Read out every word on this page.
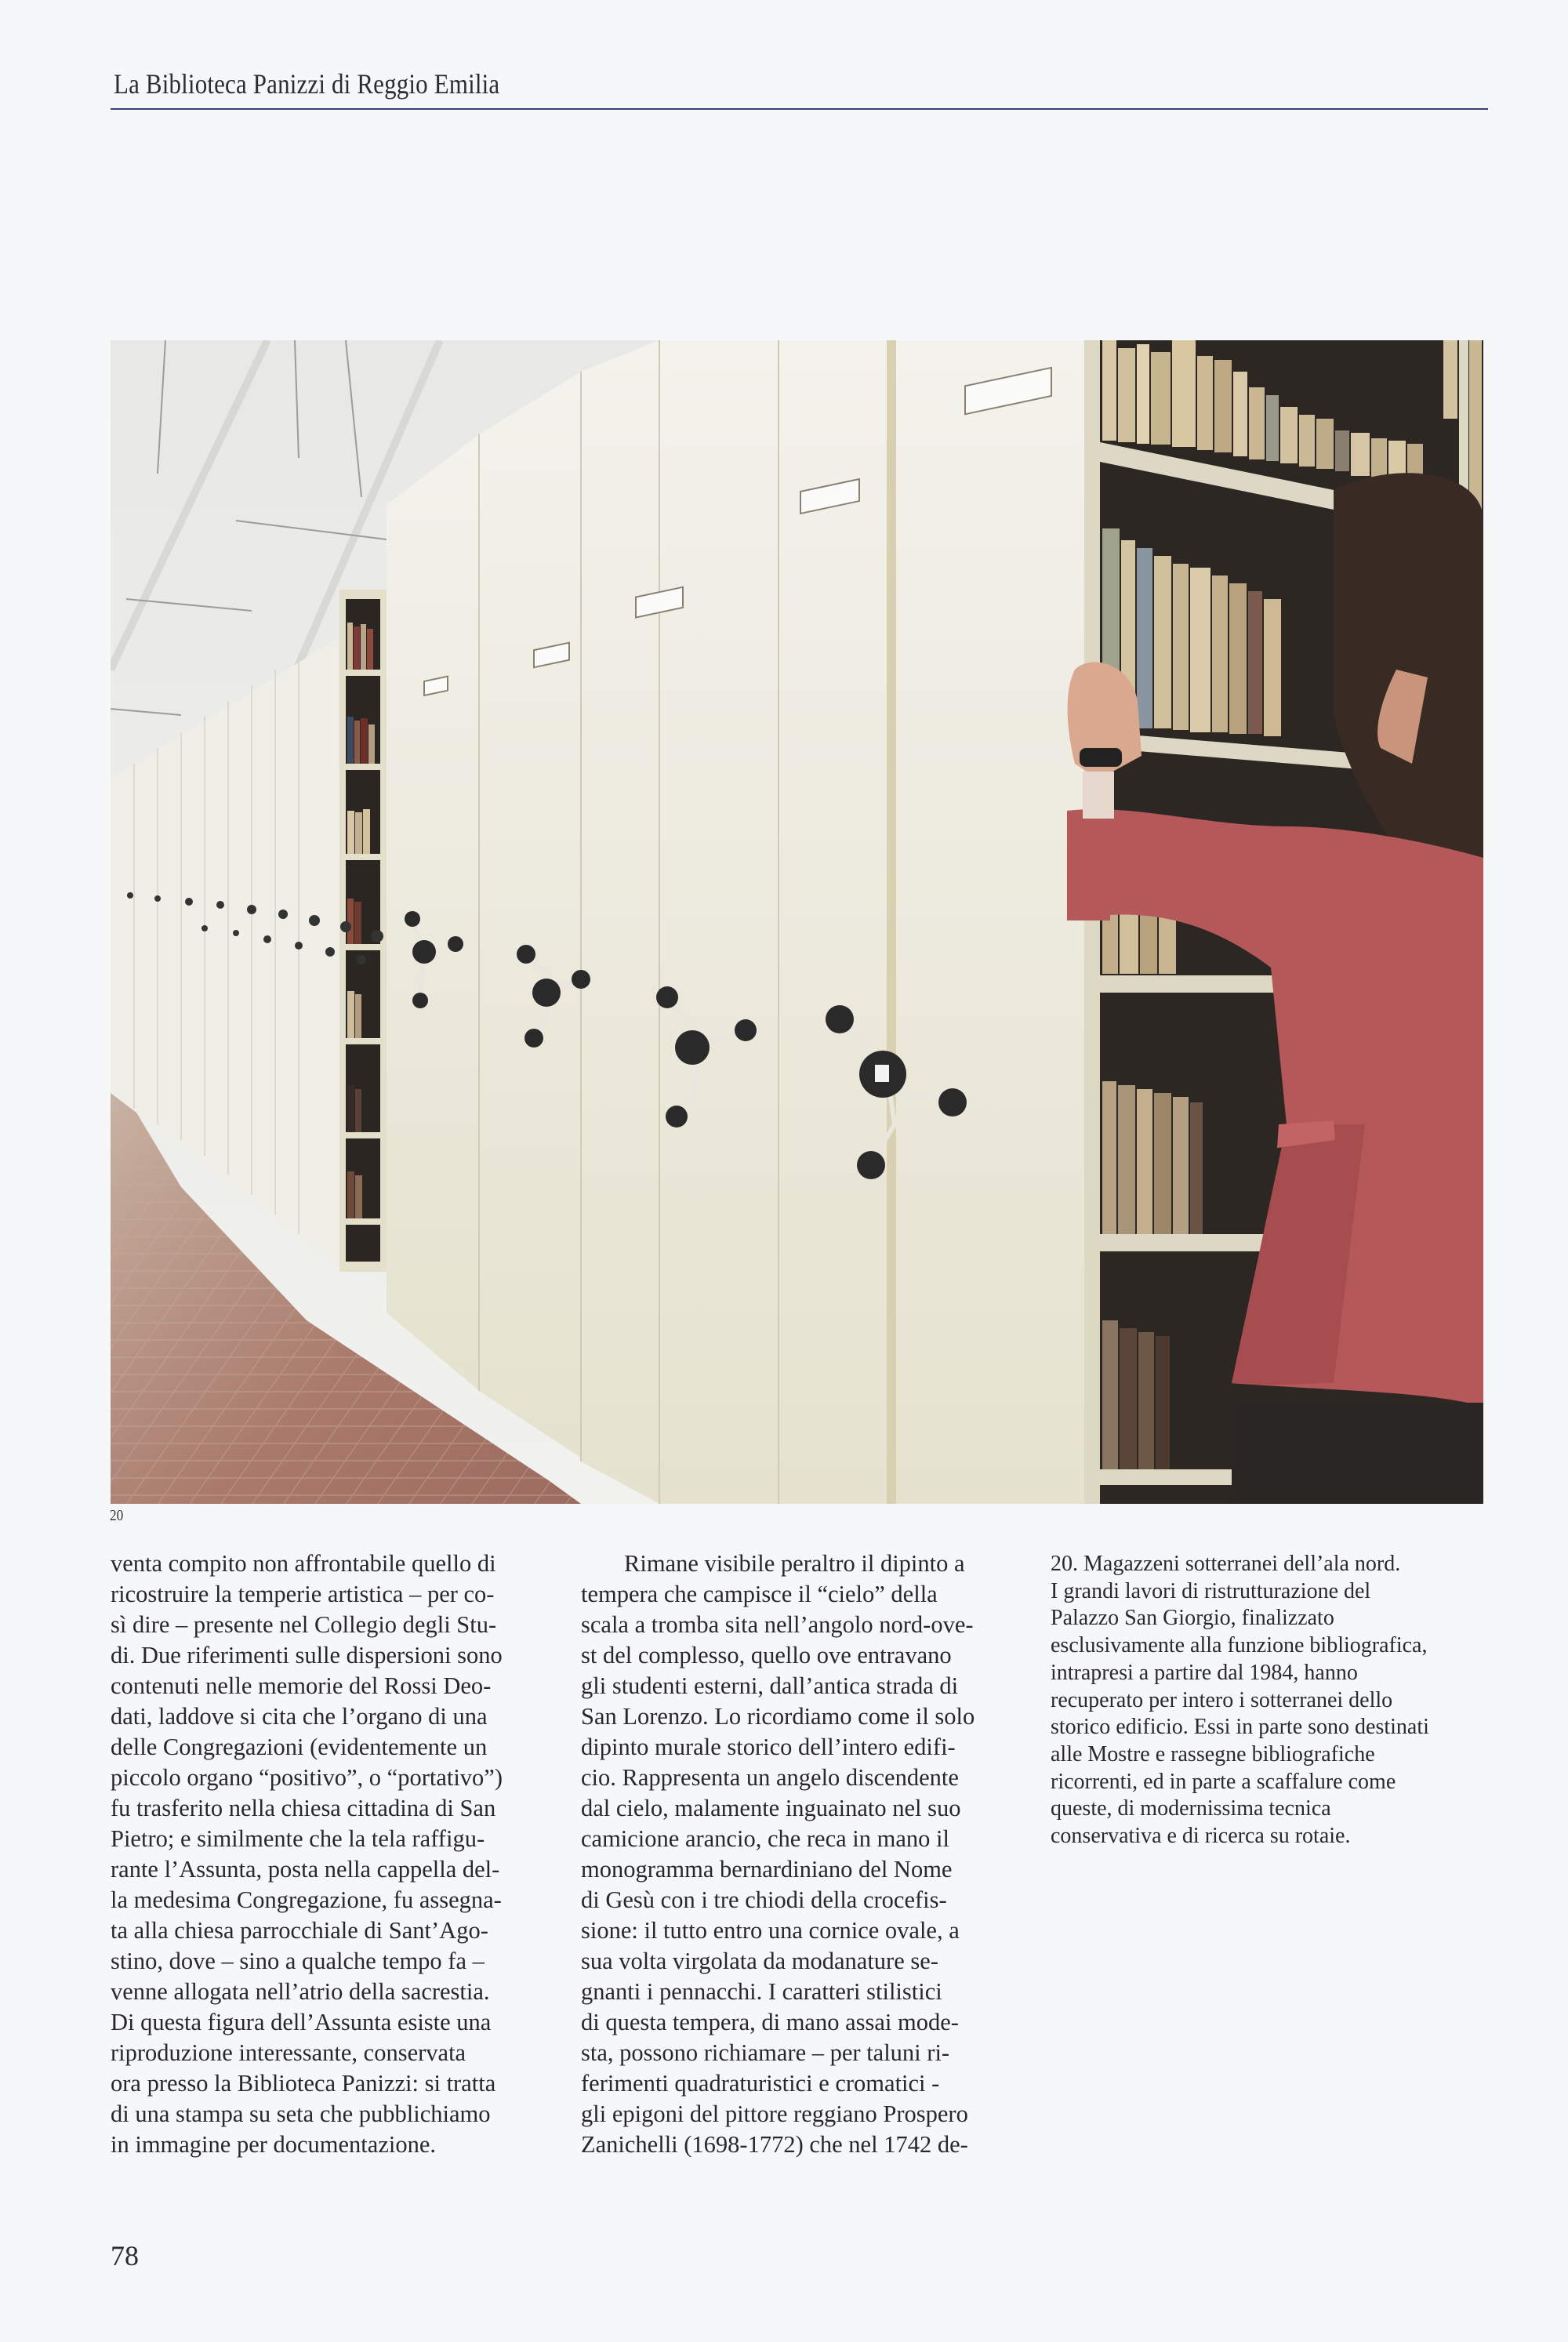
La Biblioteca Panizzi di Reggio Emilia
20
venta compito non affrontabile quello di
ricostruire la temperie artistica – per co-
sì dire – presente nel Collegio degli Stu-
di. Due riferimenti sulle dispersioni sono
contenuti nelle memorie del Rossi Deo-
dati, laddove si cita che l’organo di una
delle Congregazioni (evidentemente un
piccolo organo “positivo”, o “portativo”)
fu trasferito nella chiesa cittadina di San
Pietro; e similmente che la tela raffigu-
rante l’Assunta, posta nella cappella del-
la medesima Congregazione, fu assegna-
ta alla chiesa parrocchiale di Sant’Ago-
stino, dove – sino a qualche tempo fa –
venne allogata nell’atrio della sacrestia.
Di questa figura dell’Assunta esiste una
riproduzione interessante, conservata
ora presso la Biblioteca Panizzi: si tratta
di una stampa su seta che pubblichiamo
in immagine per documentazione.
Rimane visibile peraltro il dipinto a
tempera che campisce il “cielo” della
scala a tromba sita nell’angolo nord-ove-
st del complesso, quello ove entravano
gli studenti esterni, dall’antica strada di
San Lorenzo. Lo ricordiamo come il solo
dipinto murale storico dell’intero edifi-
cio. Rappresenta un angelo discendente
dal cielo, malamente inguainato nel suo
camicione arancio, che reca in mano il
monogramma bernardiniano del Nome
di Gesù con i tre chiodi della crocefis-
sione: il tutto entro una cornice ovale, a
sua volta virgolata da modanature se-
gnanti i pennacchi. I caratteri stilistici
di questa tempera, di mano assai mode-
sta, possono richiamare – per taluni ri-
ferimenti quadraturistici e cromatici -
gli epigoni del pittore reggiano Prospero
Zanichelli (1698-1772) che nel 1742 de-
20. Magazzeni sotterranei dell’ala nord.
I grandi lavori di ristrutturazione del
Palazzo San Giorgio, finalizzato
esclusivamente alla funzione bibliografica,
intrapresi a partire dal 1984, hanno
recuperato per intero i sotterranei dello
storico edificio. Essi in parte sono destinati
alle Mostre e rassegne bibliografiche
ricorrenti, ed in parte a scaffalure come
queste, di modernissima tecnica
conservativa e di ricerca su rotaie.
78
